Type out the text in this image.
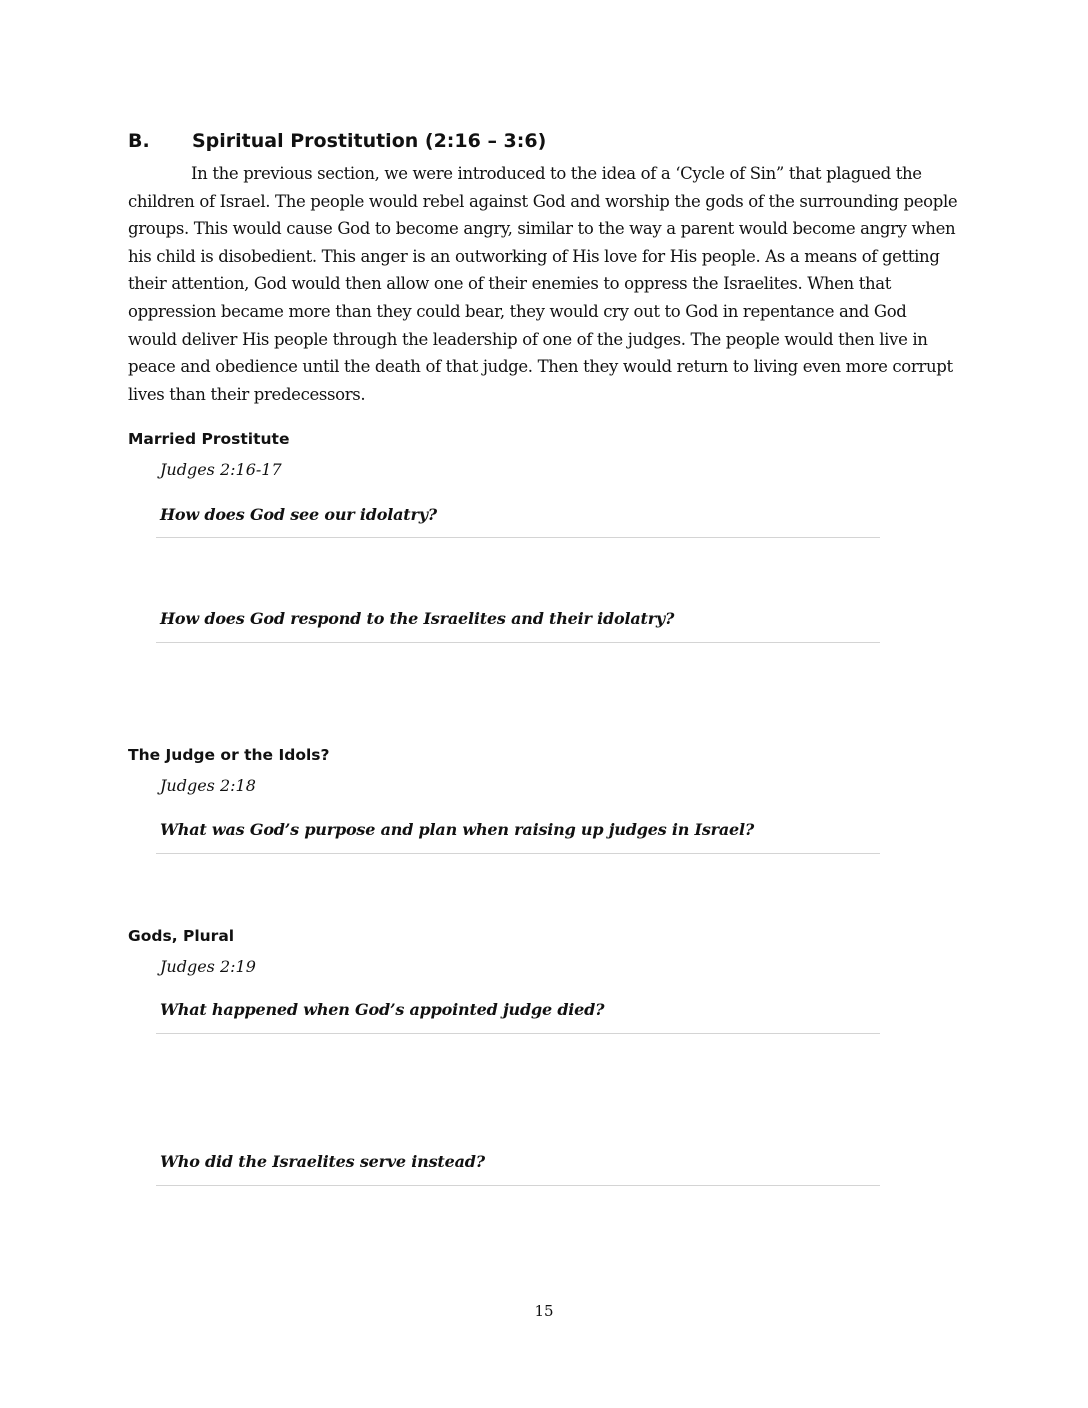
B.	Spiritual Prostitution (2:16 – 3:6)

In the previous section, we were introduced to the idea of a ‘Cycle of Sin” that plagued the children of Israel. The people would rebel against God and worship the gods of the surrounding people groups. This would cause God to become angry, similar to the way a parent would become angry when his child is disobedient. This anger is an outworking of His love for His people. As a means of getting their attention, God would then allow one of their enemies to oppress the Israelites. When that oppression became more than they could bear, they would cry out to God in repentance and God would deliver His people through the leadership of one of the judges. The people would then live in peace and obedience until the death of that judge. Then they would return to living even more corrupt lives than their predecessors.

Married Prostitute
Judges 2:16-17
How does God see our idolatry?
How does God respond to the Israelites and their idolatry?
The Judge or the Idols?
Judges 2:18
What was God’s purpose and plan when raising up judges in Israel?
Gods, Plural
Judges 2:19
What happened when God’s appointed judge died?
Who did the Israelites serve instead?
15
